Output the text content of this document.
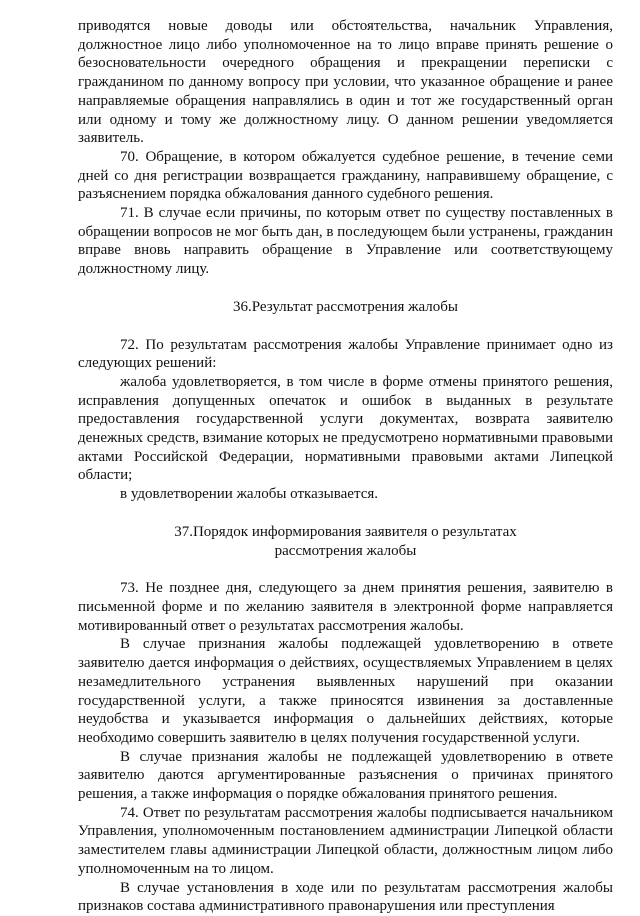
приводятся новые доводы или обстоятельства, начальник Управления, должностное лицо либо уполномоченное на то лицо вправе принять решение о безосновательности очередного обращения и прекращении переписки с гражданином по данному вопросу при условии, что указанное обращение и ранее направляемые обращения направлялись в один и тот же государственный орган или одному и тому же должностному лицу. О данном решении уведомляется заявитель.

70. Обращение, в котором обжалуется судебное решение, в течение семи дней со дня регистрации возвращается гражданину, направившему обращение, с разъяснением порядка обжалования данного судебного решения.

71. В случае если причины, по которым ответ по существу поставленных в обращении вопросов не мог быть дан, в последующем были устранены, гражданин вправе вновь направить обращение в Управление или соответствующему должностному лицу.

36.Результат рассмотрения жалобы

72. По результатам рассмотрения жалобы Управление принимает одно из следующих решений:

жалоба удовлетворяется, в том числе в форме отмены принятого решения, исправления допущенных опечаток и ошибок в выданных в результате предоставления государственной услуги документах, возврата заявителю денежных средств, взимание которых не предусмотрено нормативными правовыми актами Российской Федерации, нормативными правовыми актами Липецкой области;

в удовлетворении жалобы отказывается.

37.Порядок информирования заявителя о результатах

рассмотрения жалобы

73. Не позднее дня, следующего за днем принятия решения, заявителю в письменной форме и по желанию заявителя в электронной форме направляется мотивированный ответ о результатах рассмотрения жалобы.

В случае признания жалобы подлежащей удовлетворению в ответе заявителю дается информация о действиях, осуществляемых Управлением в целях незамедлительного устранения выявленных нарушений при оказании государственной услуги, а также приносятся извинения за доставленные неудобства и указывается информация о дальнейших действиях, которые необходимо совершить заявителю в целях получения государственной услуги.

В случае признания жалобы не подлежащей удовлетворению в ответе заявителю даются аргументированные разъяснения о причинах принятого решения, а также информация о порядке обжалования принятого решения.

74. Ответ по результатам рассмотрения жалобы подписывается начальником Управления, уполномоченным постановлением администрации Липецкой области заместителем главы администрации Липецкой области, должностным лицом либо уполномоченным на то лицом.

В случае установления в ходе или по результатам рассмотрения жалобы признаков состава административного правонарушения или преступления
